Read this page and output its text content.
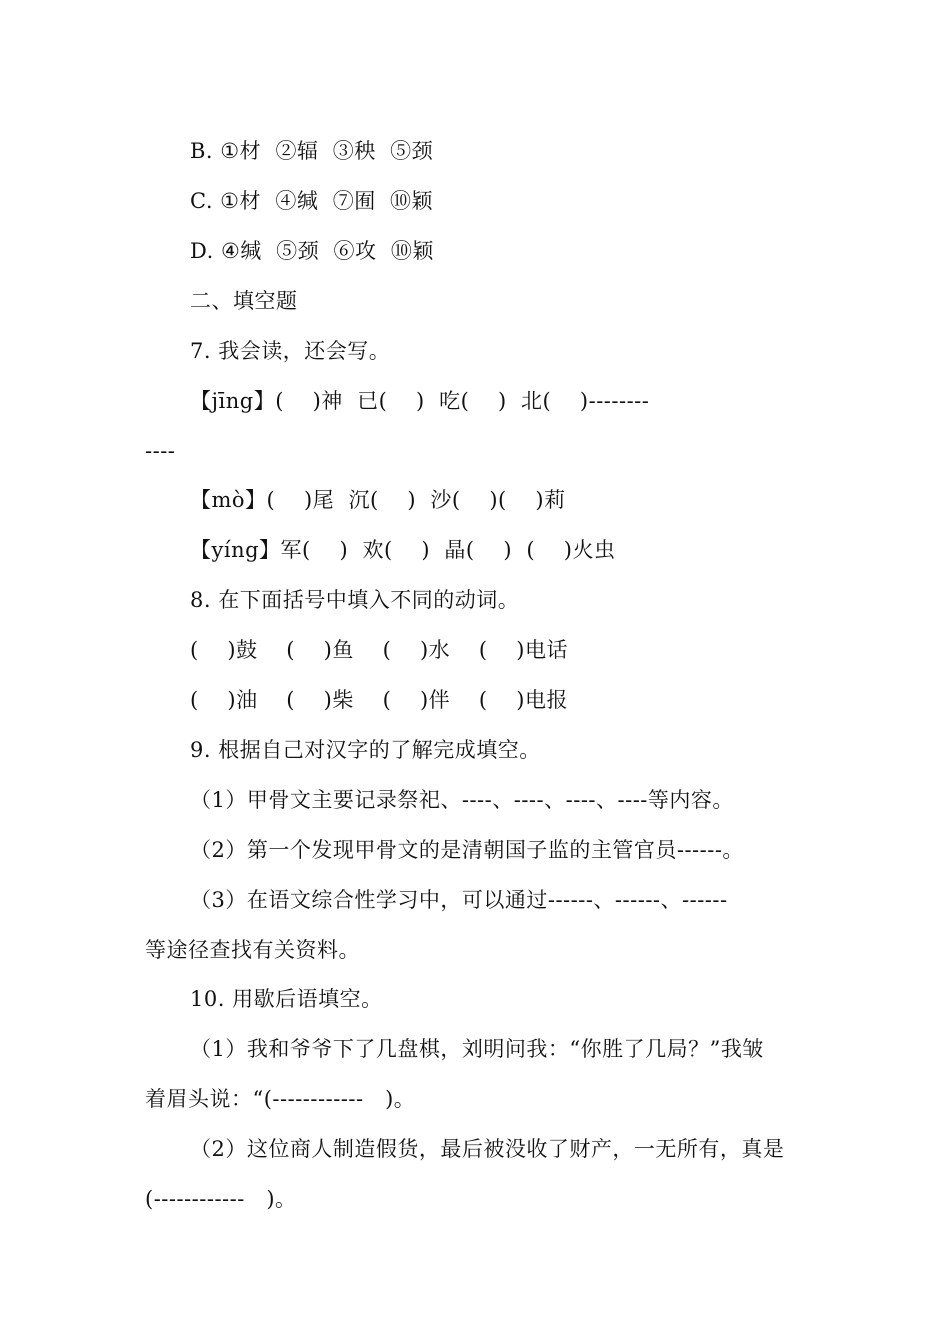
B. ①材  ②辐  ③秧  ⑤颈
C. ①材  ④缄  ⑦囿  ⑩颖
D. ④缄  ⑤颈  ⑥攻  ⑩颖
二、填空题
7. 我会读，还会写。
【jīng】(    )神  已(    )  吃(    )  北(    )--------
----
【mò】(    )尾  沉(    )  沙(    )(    )莉
【yíng】军(    )  欢(    )  晶(    )  (    )火虫
8. 在下面括号中填入不同的动词。
(    )鼓    (    )鱼    (    )水    (    )电话
(    )油    (    )柴    (    )伴    (    )电报
9. 根据自己对汉字的了解完成填空。
（1）甲骨文主要记录祭祀、----、----、----、----等内容。
（2）第一个发现甲骨文的是清朝国子监的主管官员------。
（3）在语文综合性学习中，可以通过------、------、------
等途径查找有关资料。
10. 用歇后语填空。
（1）我和爷爷下了几盘棋，刘明问我：“你胜了几局？”我皱
着眉头说：“(------------   )。
（2）这位商人制造假货，最后被没收了财产，一无所有，真是
(------------   )。
